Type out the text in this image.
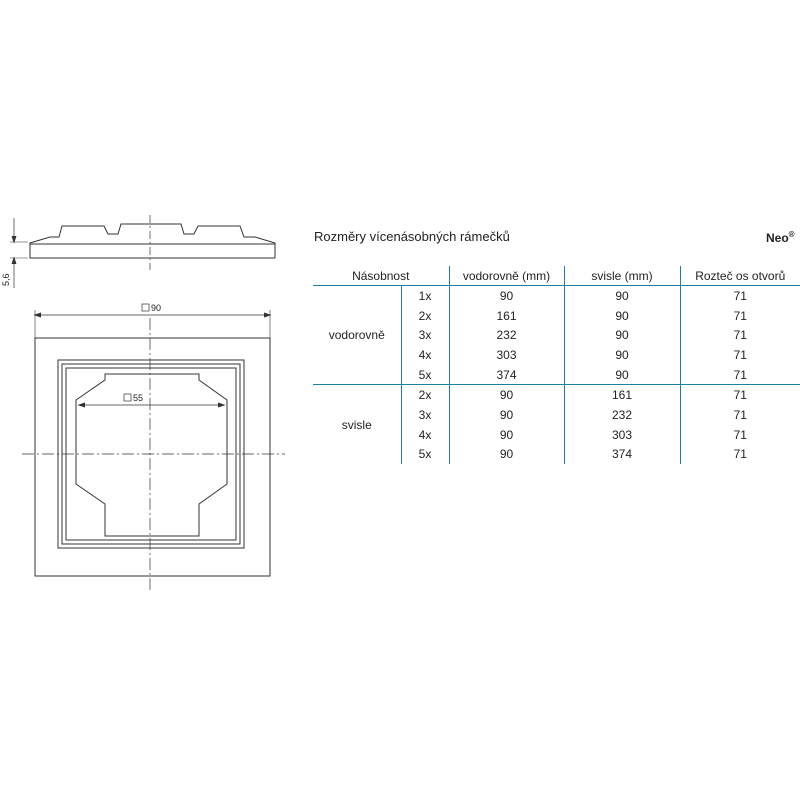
5,6
90
55
Rozměry vícenásobných rámečků	Neo®
Násobnost		vodorovně (mm)	svisle (mm)	Rozteč os otvorů
vodorovně	1x	90	90	71
	2x	161	90	71
	3x	232	90	71
	4x	303	90	71
	5x	374	90	71
svisle	2x	90	161	71
	3x	90	232	71
	4x	90	303	71
	5x	90	374	71
